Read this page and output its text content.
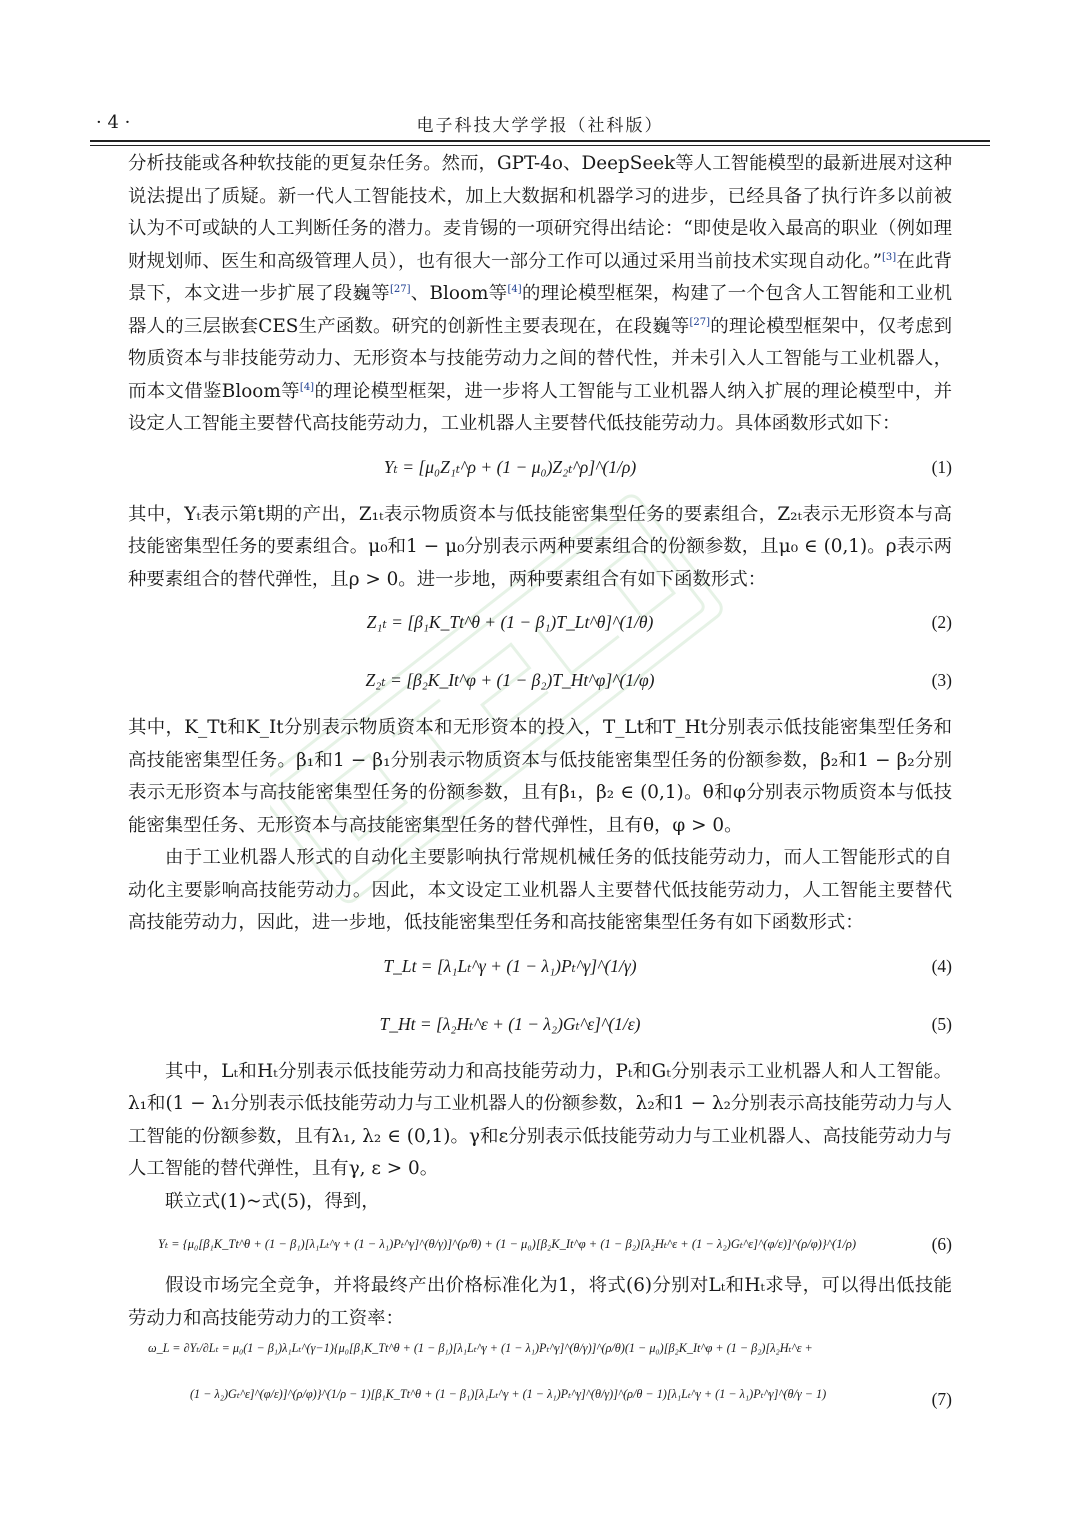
· 4 ·	电子科技大学学报（社科版）

分析技能或各种软技能的更复杂任务。然而，GPT-4o、DeepSeek等人工智能模型的最新进展对这种说法提出了质疑。新一代人工智能技术，加上大数据和机器学习的进步，已经具备了执行许多以前被认为不可或缺的人工判断任务的潜力。麦肯锡的一项研究得出结论：“即使是收入最高的职业（例如理财规划师、医生和高级管理人员），也有很大一部分工作可以通过采用当前技术实现自动化。”[3]在此背景下，本文进一步扩展了段巍等[27]、Bloom等[4]的理论模型框架，构建了一个包含人工智能和工业机器人的三层嵌套CES生产函数。研究的创新性主要表现在，在段巍等[27]的理论模型框架中，仅考虑到物质资本与非技能劳动力、无形资本与技能劳动力之间的替代性，并未引入人工智能与工业机器人，而本文借鉴Bloom等[4]的理论模型框架，进一步将人工智能与工业机器人纳入扩展的理论模型中，并设定人工智能主要替代高技能劳动力，工业机器人主要替代低技能劳动力。具体函数形式如下：

Yₜ = [μ₀Z₁ₜ^ρ + (1 − μ₀)Z₂ₜ^ρ]^(1/ρ)	(1)

其中，Yₜ表示第t期的产出，Z₁ₜ表示物质资本与低技能密集型任务的要素组合，Z₂ₜ表示无形资本与高技能密集型任务的要素组合。μ₀和1 − μ₀分别表示两种要素组合的份额参数，且μ₀ ∈ (0,1)。ρ表示两种要素组合的替代弹性，且ρ > 0。进一步地，两种要素组合有如下函数形式：

Z₁ₜ = [β₁K_Tt^θ + (1 − β₁)T_Lt^θ]^(1/θ)	(2)
Z₂ₜ = [β₂K_It^φ + (1 − β₂)T_Ht^φ]^(1/φ)	(3)

其中，K_Tt和K_It分别表示物质资本和无形资本的投入，T_Lt和T_Ht分别表示低技能密集型任务和高技能密集型任务。β₁和1 − β₁分别表示物质资本与低技能密集型任务的份额参数，β₂和1 − β₂分别表示无形资本与高技能密集型任务的份额参数，且有β₁，β₂ ∈ (0,1)。θ和φ分别表示物质资本与低技能密集型任务、无形资本与高技能密集型任务的替代弹性，且有θ，φ > 0。

由于工业机器人形式的自动化主要影响执行常规机械任务的低技能劳动力，而人工智能形式的自动化主要影响高技能劳动力。因此，本文设定工业机器人主要替代低技能劳动力，人工智能主要替代高技能劳动力，因此，进一步地，低技能密集型任务和高技能密集型任务有如下函数形式：

T_Lt = [λ₁Lₜ^γ + (1 − λ₁)Pₜ^γ]^(1/γ)	(4)
T_Ht = [λ₂Hₜ^ε + (1 − λ₂)Gₜ^ε]^(1/ε)	(5)

其中，Lₜ和Hₜ分别表示低技能劳动力和高技能劳动力，Pₜ和Gₜ分别表示工业机器人和人工智能。λ₁和(1 − λ₁分别表示低技能劳动力与工业机器人的份额参数，λ₂和1 − λ₂分别表示高技能劳动力与人工智能的份额参数，且有λ₁, λ₂ ∈ (0,1)。γ和ε分别表示低技能劳动力与工业机器人、高技能劳动力与人工智能的替代弹性，且有γ, ε > 0。

联立式(1)~式(5)，得到，

Yₜ = {μ₀[β₁K_Tt^θ + (1 − β₁)[λ₁Lₜ^γ + (1 − λ₁)Pₜ^γ]^(θ/γ)]^(ρ/θ) + (1 − μ₀)[β₂K_It^φ + (1 − β₂)[λ₂Hₜ^ε + (1 − λ₂)Gₜ^ε]^(φ/ε)]^(ρ/φ)}^(1/ρ)	(6)

假设市场完全竞争，并将最终产出价格标准化为1，将式(6)分别对Lₜ和Hₜ求导，可以得出低技能劳动力和高技能劳动力的工资率：

ω_L = ∂Yₜ/∂Lₜ = μ₀(1 − β₁)λ₁Lₜ^(γ−1){μ₀[β₁K_Tt^θ + (1 − β₁)[λ₁Lₜ^γ + (1 − λ₁)Pₜ^γ]^(θ/γ)]^(ρ/θ)(1 − μ₀)[β₂K_It^φ + (1 − β₂)[λ₂Hₜ^ε +
(1 − λ₂)Gₜ^ε]^(φ/ε)]^(ρ/φ)}^(1/ρ − 1)[β₁K_Tt^θ + (1 − β₁)[λ₁Lₜ^γ + (1 − λ₁)Pₜ^γ]^(θ/γ)]^(ρ/θ − 1)[λ₁Lₜ^γ + (1 − λ₁)Pₜ^γ]^(θ/γ − 1)	(7)
